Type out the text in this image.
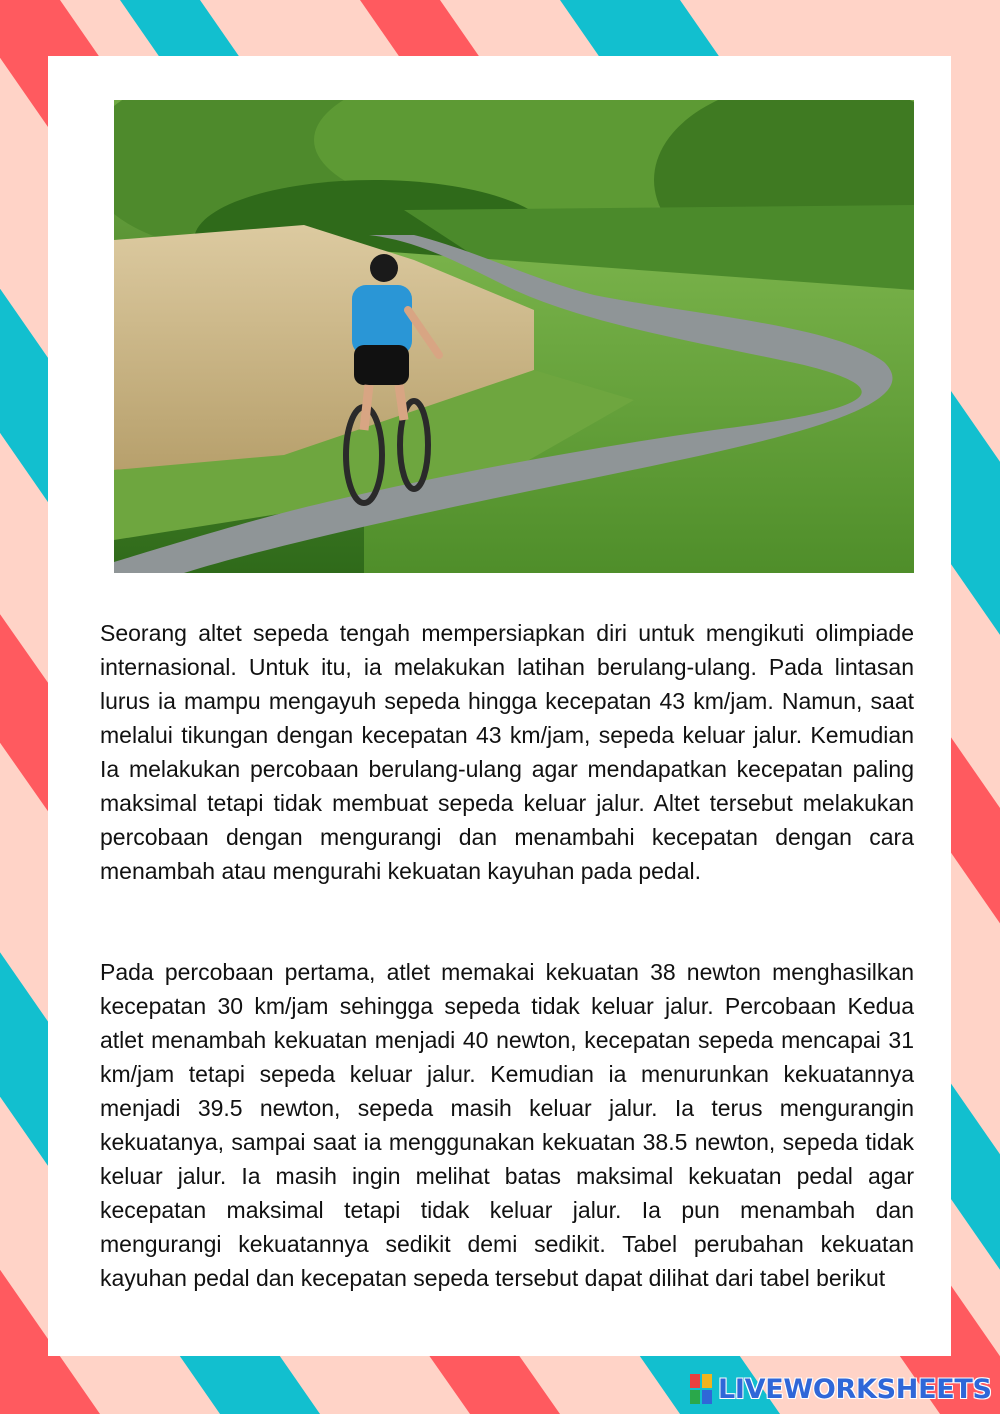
Seorang altet sepeda tengah mempersiapkan diri untuk mengikuti olimpiade internasional. Untuk itu, ia melakukan latihan berulang-ulang. Pada lintasan lurus ia mampu mengayuh sepeda hingga kecepatan 43 km/jam. Namun, saat melalui tikungan dengan kecepatan 43 km/jam, sepeda keluar jalur. Kemudian Ia melakukan percobaan berulang-ulang agar mendapatkan kecepatan paling maksimal tetapi tidak membuat sepeda keluar jalur. Altet tersebut melakukan percobaan dengan mengurangi dan menambahi kecepatan dengan cara menambah atau mengurahi kekuatan kayuhan pada pedal.

Pada percobaan pertama, atlet memakai kekuatan 38 newton menghasilkan kecepatan 30 km/jam sehingga sepeda tidak keluar jalur. Percobaan Kedua atlet menambah kekuatan menjadi 40 newton, kecepatan sepeda mencapai 31 km/jam tetapi sepeda keluar jalur. Kemudian ia menurunkan kekuatannya menjadi 39.5 newton, sepeda masih keluar jalur. Ia terus mengurangin kekuatanya, sampai saat ia menggunakan kekuatan 38.5 newton, sepeda tidak keluar jalur. Ia masih ingin melihat batas maksimal kekuatan pedal agar kecepatan maksimal tetapi tidak keluar jalur. Ia pun menambah dan mengurangi kekuatannya sedikit demi sedikit. Tabel perubahan kekuatan kayuhan pedal dan kecepatan sepeda tersebut dapat dilihat dari tabel berikut

LIVEWORKSHEETS
